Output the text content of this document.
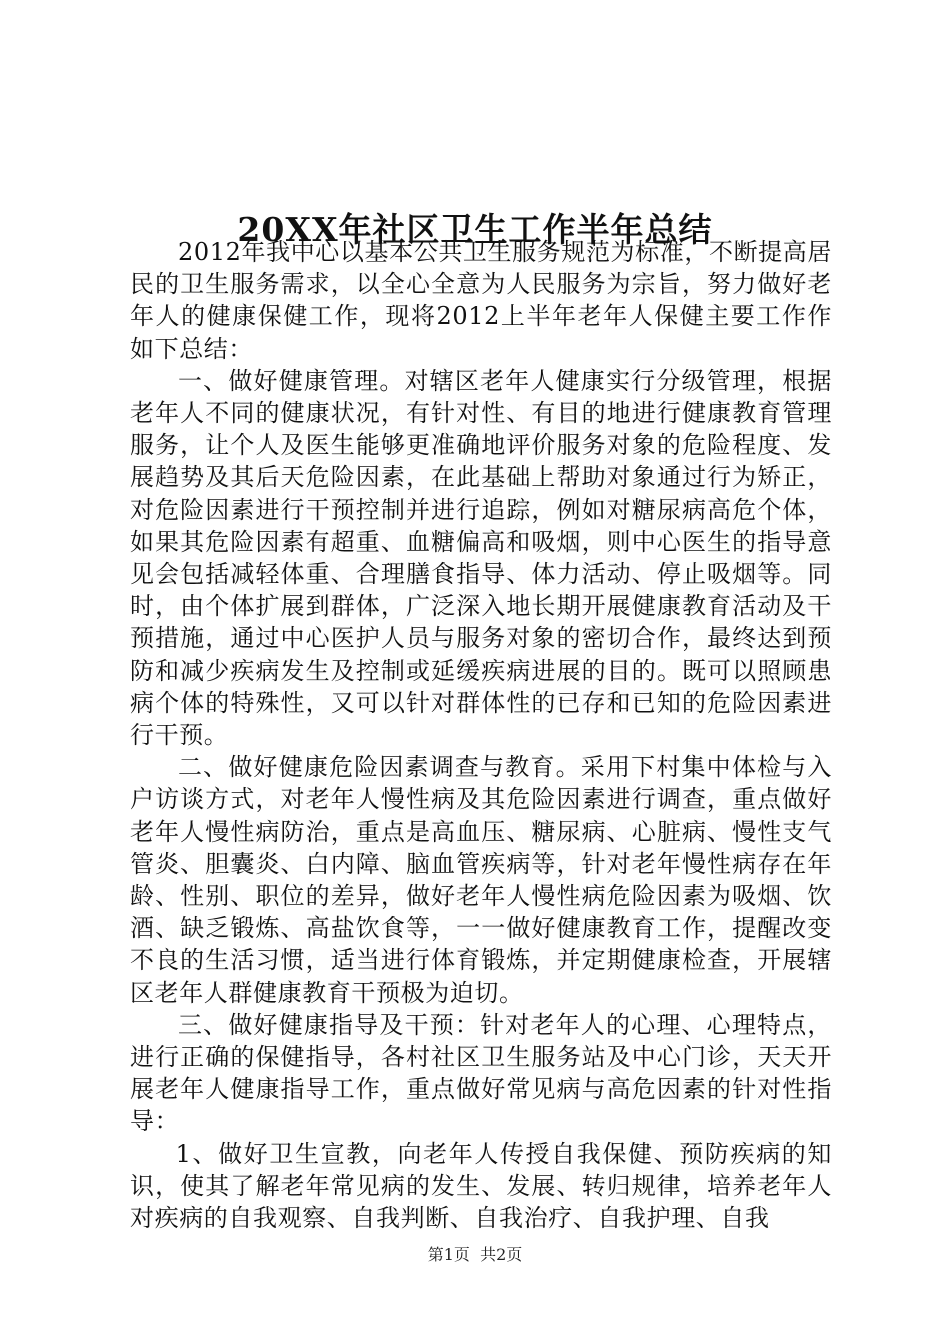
20XX年社区卫生工作半年总结

2012年我中心以基本公共卫生服务规范为标准，不断提高居民的卫生服务需求，以全心全意为人民服务为宗旨，努力做好老年人的健康保健工作，现将2012上半年老年人保健主要工作作如下总结：

一、做好健康管理。对辖区老年人健康实行分级管理，根据老年人不同的健康状况，有针对性、有目的地进行健康教育管理服务，让个人及医生能够更准确地评价服务对象的危险程度、发展趋势及其后天危险因素，在此基础上帮助对象通过行为矫正，对危险因素进行干预控制并进行追踪，例如对糖尿病高危个体，如果其危险因素有超重、血糖偏高和吸烟，则中心医生的指导意见会包括减轻体重、合理膳食指导、体力活动、停止吸烟等。同时，由个体扩展到群体，广泛深入地长期开展健康教育活动及干预措施，通过中心医护人员与服务对象的密切合作，最终达到预防和减少疾病发生及控制或延缓疾病进展的目的。既可以照顾患病个体的特殊性，又可以针对群体性的已存和已知的危险因素进行干预。

二、做好健康危险因素调查与教育。采用下村集中体检与入户访谈方式，对老年人慢性病及其危险因素进行调查，重点做好老年人慢性病防治，重点是高血压、糖尿病、心脏病、慢性支气管炎、胆囊炎、白内障、脑血管疾病等，针对老年慢性病存在年龄、性别、职位的差异，做好老年人慢性病危险因素为吸烟、饮酒、缺乏锻炼、高盐饮食等，一一做好健康教育工作，提醒改变不良的生活习惯，适当进行体育锻炼，并定期健康检查，开展辖区老年人群健康教育干预极为迫切。

三、做好健康指导及干预：针对老年人的心理、心理特点，进行正确的保健指导，各村社区卫生服务站及中心门诊，天天开展老年人健康指导工作，重点做好常见病与高危因素的针对性指导：

1、做好卫生宣教，向老年人传授自我保健、预防疾病的知识，使其了解老年常见病的发生、发展、转归规律，培养老年人对疾病的自我观察、自我判断、自我治疗、自我护理、自我

第1页 共2页
